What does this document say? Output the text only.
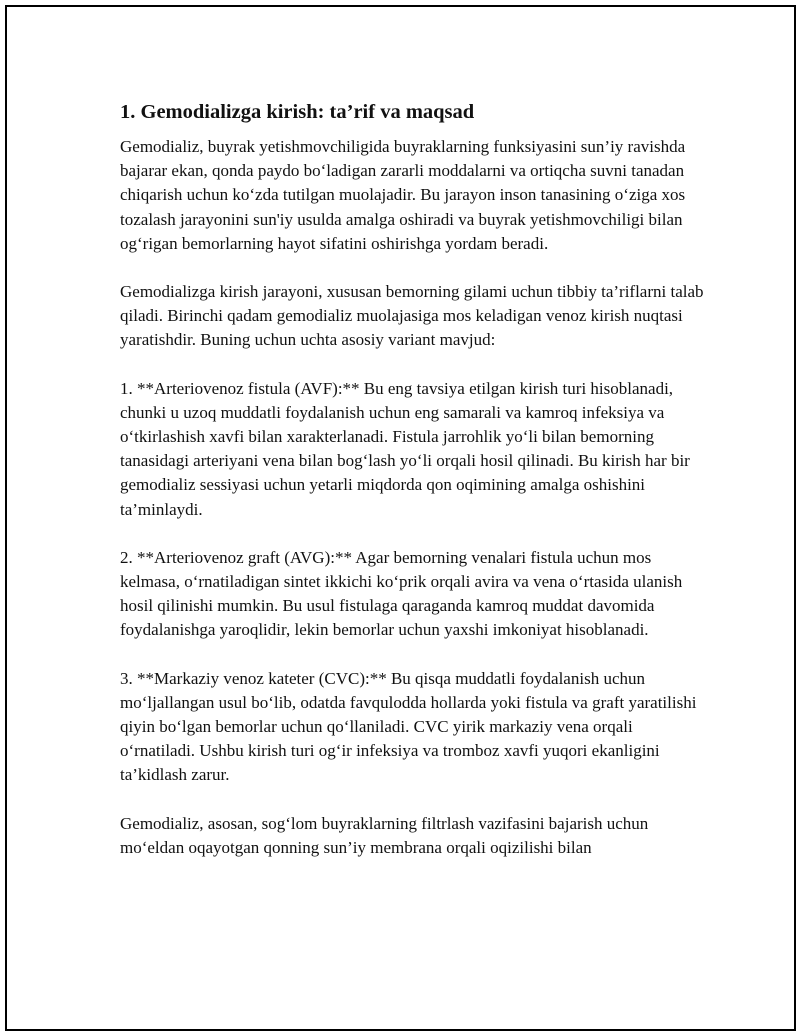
1. Gemodializga kirish: ta’rif va maqsad

Gemodializ, buyrak yetishmovchiligida buyraklarning funksiyasini sun’iy ravishda bajarar ekan, qonda paydo bo‘ladigan zararli moddalarni va ortiqcha suvni tanadan chiqarish uchun ko‘zda tutilgan muolajadir. Bu jarayon inson tanasining o‘ziga xos tozalash jarayonini sun'iy usulda amalga oshiradi va buyrak yetishmovchiligi bilan og‘rigan bemorlarning hayot sifatini oshirishga yordam beradi.

Gemodializga kirish jarayoni, xususan bemorning gilami uchun tibbiy ta’riflarni talab qiladi. Birinchi qadam gemodializ muolajasiga mos keladigan venoz kirish nuqtasi yaratishdir. Buning uchun uchta asosiy variant mavjud:

1. **Arteriovenoz fistula (AVF):** Bu eng tavsiya etilgan kirish turi hisoblanadi, chunki u uzoq muddatli foydalanish uchun eng samarali va kamroq infeksiya va o‘tkirlashish xavfi bilan xarakterlanadi. Fistula jarrohlik yo‘li bilan bemorning tanasidagi arteriyani vena bilan bog‘lash yo‘li orqali hosil qilinadi. Bu kirish har bir gemodializ sessiyasi uchun yetarli miqdorda qon oqimining amalga oshishini ta’minlaydi.

2. **Arteriovenoz graft (AVG):** Agar bemorning venalari fistula uchun mos kelmasa, o‘rnatiladigan sintet ikkichi ko‘prik orqali avira va vena o‘rtasida ulanish hosil qilinishi mumkin. Bu usul fistulaga qaraganda kamroq muddat davomida foydalanishga yaroqlidir, lekin bemorlar uchun yaxshi imkoniyat hisoblanadi.

3. **Markaziy venoz kateter (CVC):** Bu qisqa muddatli foydalanish uchun mo‘ljallangan usul bo‘lib, odatda favqulodda hollarda yoki fistula va graft yaratilishi qiyin bo‘lgan bemorlar uchun qo‘llaniladi. CVC yirik markaziy vena orqali o‘rnatiladi. Ushbu kirish turi og‘ir infeksiya va tromboz xavfi yuqori ekanligini ta’kidlash zarur.

Gemodializ, asosan, sog‘lom buyraklarning filtrlash vazifasini bajarish uchun mo‘eldan oqayotgan qonning sun’iy membrana orqali oqizilishi bilan
